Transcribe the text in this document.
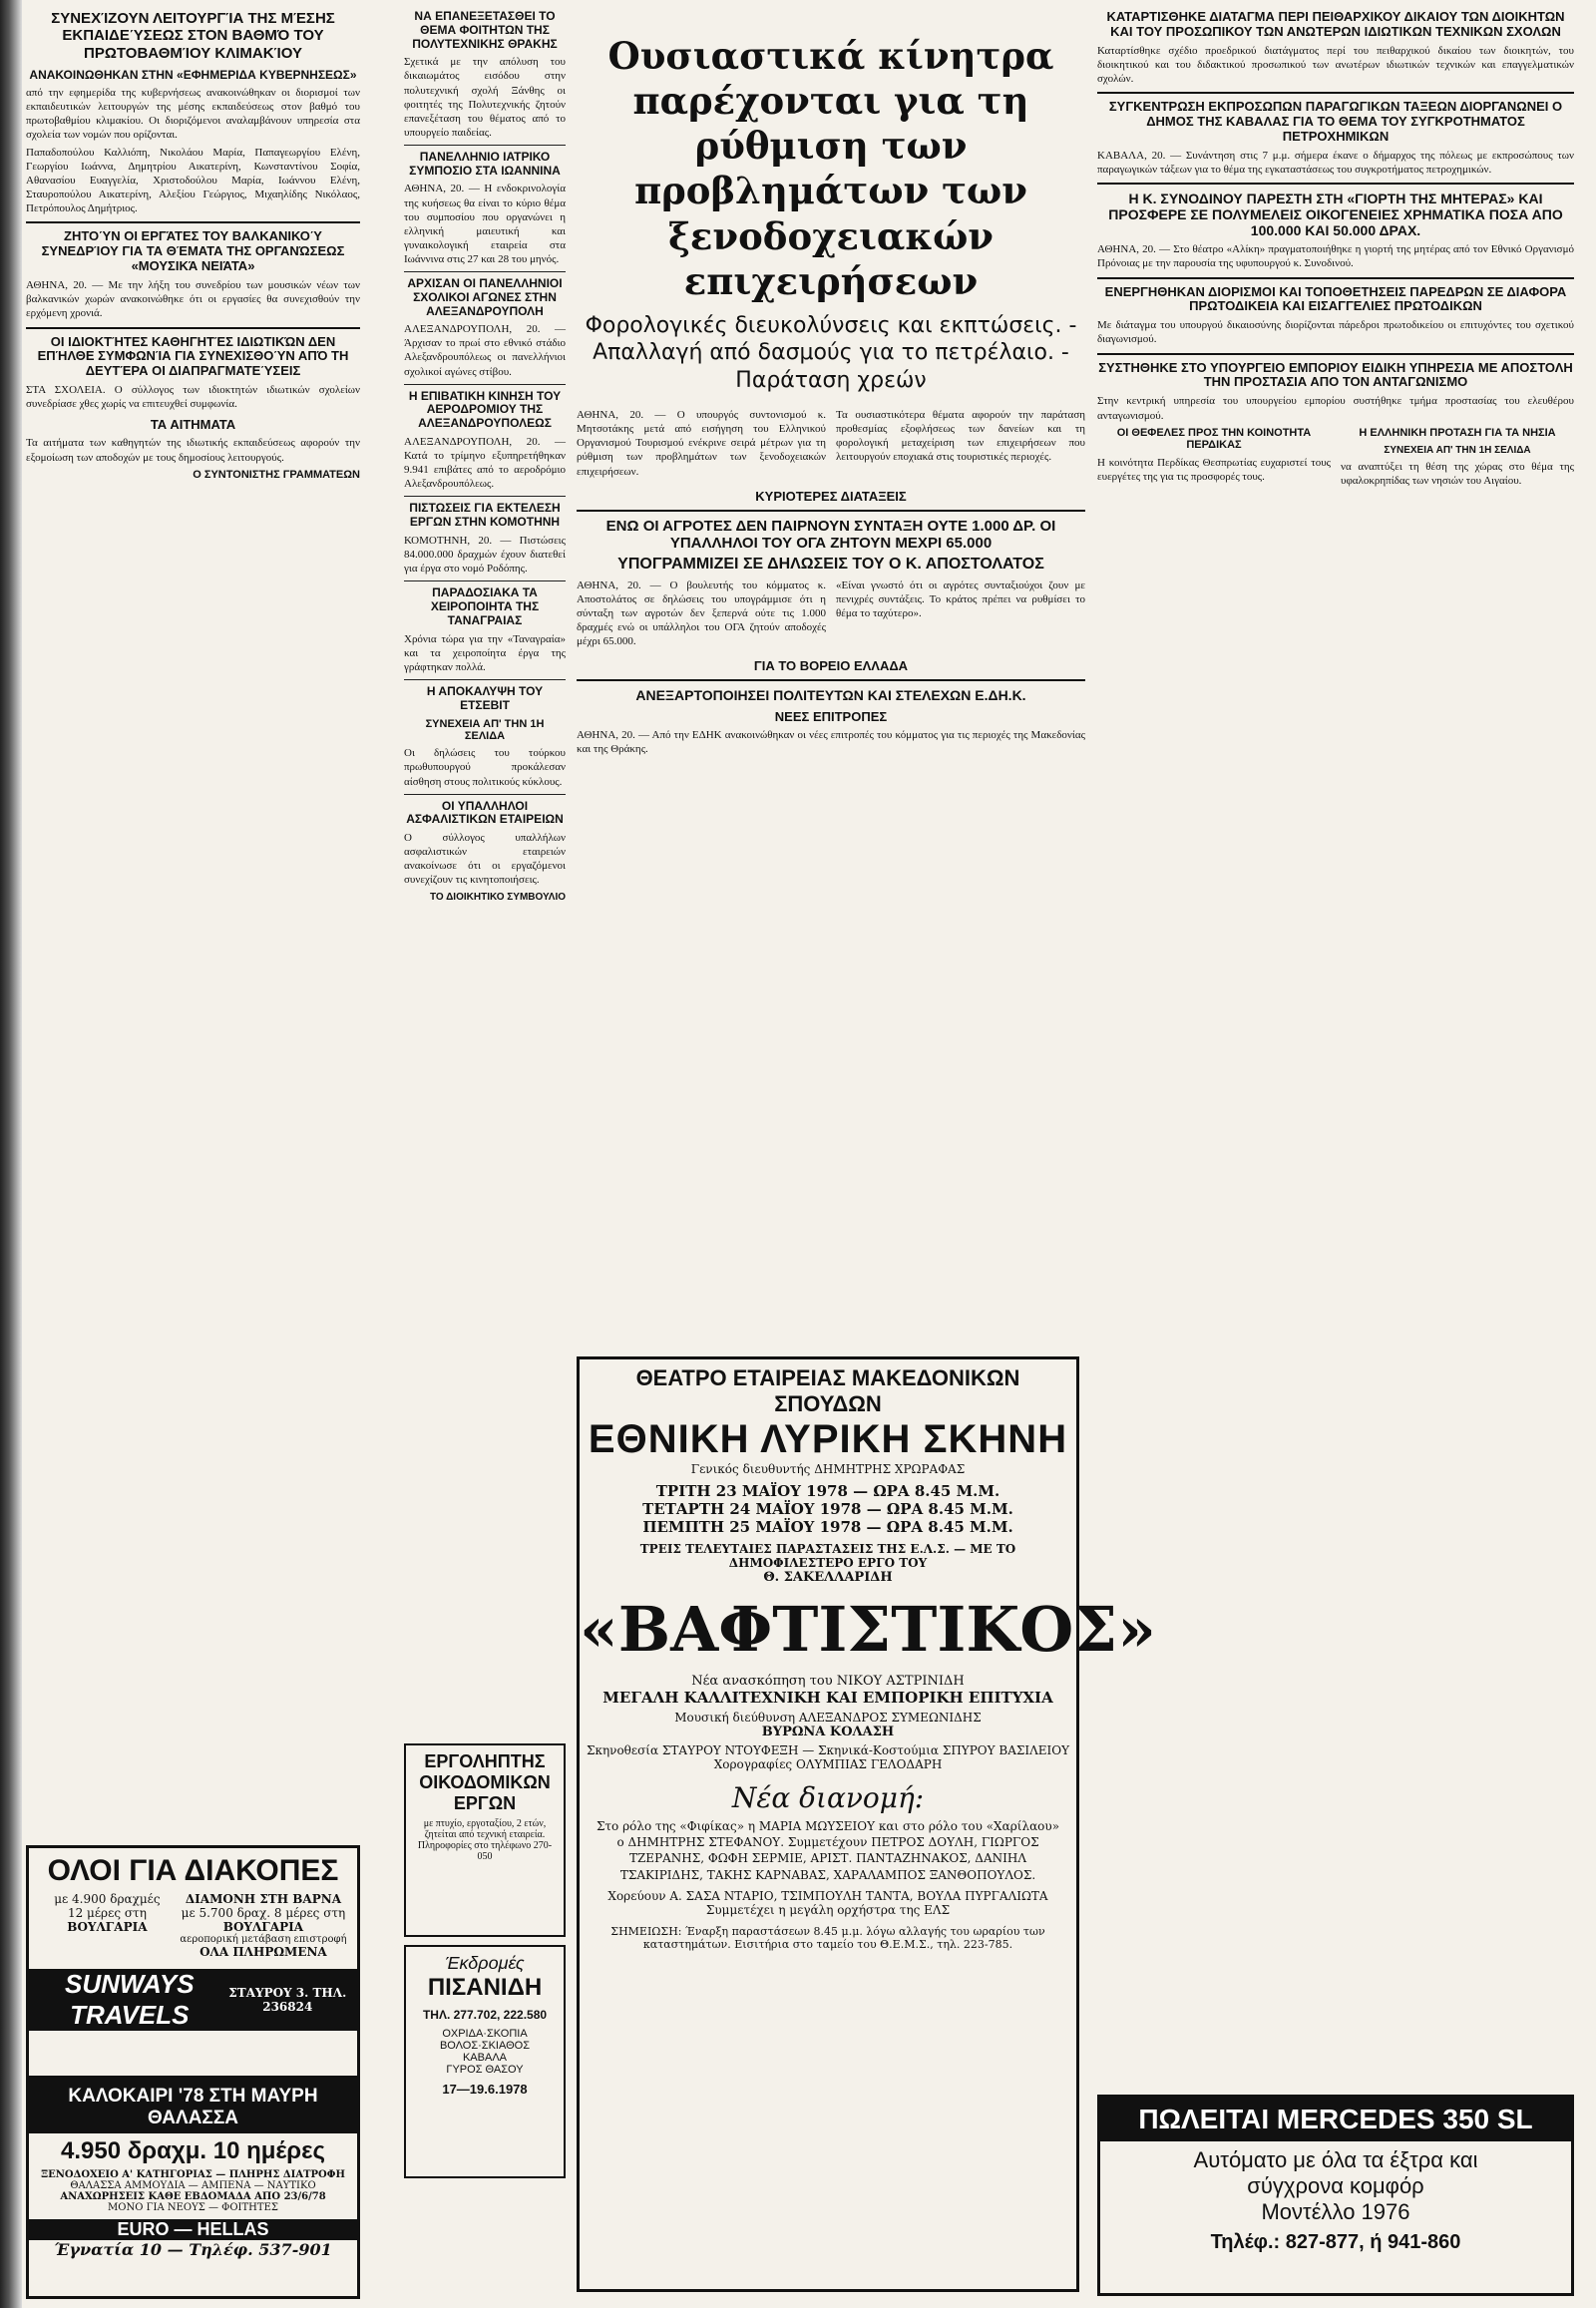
ΣΥΝΕΧΊΖΟΥΝ ΛΕΙΤΟΥΡΓΊΑ ΤΗΣ ΜΈΣΗΣ ΕΚΠΑΙΔΕΎΣΕΩΣ ΣΤΟΝ ΒΑΘΜΌ ΤΟΥ ΠΡΩΤΟΒΑΘΜΊΟΥ ΚΛΙΜΑΚΊΟΥ
ΑΝΑΚΟΙΝΩΘΗΚΑΝ ΣΤΗΝ «ΕΦΗΜΕΡΙΔΑ ΚΥΒΕΡΝΗΣΕΩΣ»

από την εφημερίδα της κυβερνήσεως ανακοινώθηκαν οι διορισμοί των εκπαιδευτικών λειτουργών της μέσης εκπαιδεύσεως στον βαθμό του πρωτοβαθμίου κλιμακίου. Οι διοριζόμενοι αναλαμβάνουν υπηρεσία στα σχολεία των νομών που ορίζονται.

Παπαδοπούλου Καλλιόπη, Νικολάου Μαρία, Παπαγεωργίου Ελένη, Γεωργίου Ιωάννα, Δημητρίου Αικατερίνη, Κωνσταντίνου Σοφία, Αθανασίου Ευαγγελία, Χριστοδούλου Μαρία, Ιωάννου Ελένη, Σταυροπούλου Αικατερίνη, Αλεξίου Γεώργιος, Μιχαηλίδης Νικόλαος, Πετρόπουλος Δημήτριος.

ΖΗΤΟΎΝ ΟΙ ΕΡΓΆΤΕΣ ΤΟΥ ΒΑΛΚΑΝΙΚΟΎ ΣΥΝΕΔΡΊΟΥ ΓΙΑ ΤΑ ΘΈΜΑΤΑ ΤΗΣ ΟΡΓΑΝΏΣΕΩΣ «ΜΟΥΣΙΚΆ ΝΕΙΆΤΑ»

ΑΘΗΝΑ, 20. — Με την λήξη του συνεδρίου των μουσικών νέων των βαλκανικών χωρών ανακοινώθηκε ότι οι εργασίες θα συνεχισθούν την ερχόμενη χρονιά.

ΟΙ ΙΔΙΟΚΤΉΤΕΣ ΚΑΘΗΓΗΤΈΣ ΙΔΙΩΤΙΚΏΝ ΔΕΝ ΕΠΉΛΘΕ ΣΥΜΦΩΝΊΑ ΓΙΑ ΣΥΝΕΧΙΣΘΟΎΝ ΑΠΌ ΤΗ ΔΕΥΤΈΡΑ ΟΙ ΔΙΑΠΡΑΓΜΑΤΕΎΣΕΙΣ

ΣΤΑ ΣΧΟΛΕΙΑ. Ο σύλλογος των ιδιοκτητών ιδιωτικών σχολείων συνεδρίασε χθες χωρίς να επιτευχθεί συμφωνία.

ΤΑ ΑΙΤΗΜΑΤΑ

Τα αιτήματα των καθηγητών της ιδιωτικής εκπαιδεύσεως αφορούν την εξομοίωση των αποδοχών με τους δημοσίους λειτουργούς.

Ο ΣΥΝΤΟΝΙΣΤΗΣ ΓΡΑΜΜΑΤΕΩΝ
ΟΛΟΙ ΓΙΑ ΔΙΑΚΟΠΕΣ
με 4.900 δραχμές
12 μέρες στη
ΒΟΥΛΓΑΡΙΑ
ΔΙΑΜΟΝΗ ΣΤΗ ΒΑΡΝΑ
με 5.700 δραχ. 8 μέρες στη
ΒΟΥΛΓΑΡΙΑ
αεροπορική μετάβαση επιστροφή
ΟΛΑ ΠΛΗΡΩΜΕΝΑ
SUNWAYS TRAVELS
ΣΤΑΥΡΟΥ 3. ΤΗΛ. 236824
ΚΑΛΟΚΑΙΡΙ '78 ΣΤΗ ΜΑΥΡΗ ΘΑΛΑΣΣΑ
4.950 δραχμ. 10 ημέρες
ΞΕΝΟΔΟΧΕΙΟ Α' ΚΑΤΗΓΟΡΙΑΣ — ΠΛΗΡΗΣ ΔΙΑΤΡΟΦΗ
ΘΑΛΑΣΣΑ ΑΜΜΟΥΔΙΑ — ΑΜΠΕΝΑ — ΝΑΥΤΙΚΟ
ΑΝΑΧΩΡΗΣΕΙΣ ΚΑΘΕ ΕΒΔΟΜΑΔΑ ΑΠΟ 23/6/78
ΜΟΝΟ ΓΙΑ ΝΕΟΥΣ — ΦΟΙΤΗΤΕΣ
EURO — HELLAS
Έγνατία 10 — Τηλέφ. 537-901
ΝΑ ΕΠΑΝΕΞΕΤΑΣΘΕΙ ΤΟ ΘΕΜΑ ΦΟΙΤΗΤΩΝ ΤΗΣ ΠΟΛΥΤΕΧΝΙΚΗΣ ΘΡΑΚΗΣ

Σχετικά με την απόλυση του δικαιωμάτος εισόδου στην πολυτεχνική σχολή Ξάνθης οι φοιτητές της Πολυτεχνικής ζητούν επανεξέταση του θέματος από το υπουργείο παιδείας.

ΠΑΝΕΛΛΗΝΙΟ ΙΑΤΡΙΚΟ ΣΥΜΠΟΣΙΟ ΣΤΑ ΙΩΑΝΝΙΝΑ

ΑΘΗΝΑ, 20. — Η ενδοκρινολογία της κυήσεως θα είναι το κύριο θέμα του συμποσίου που οργανώνει η ελληνική μαιευτική και γυναικολογική εταιρεία στα Ιωάννινα στις 27 και 28 του μηνός.

ΑΡΧΙΣΑΝ ΟΙ ΠΑΝΕΛΛΗΝΙΟΙ ΣΧΟΛΙΚΟΙ ΑΓΩΝΕΣ ΣΤΗΝ ΑΛΕΞΑΝΔΡΟΥΠΟΛΗ

ΑΛΕΞΑΝΔΡΟΥΠΟΛΗ, 20. — Άρχισαν το πρωί στο εθνικό στάδιο Αλεξανδρουπόλεως οι πανελλήνιοι σχολικοί αγώνες στίβου.

Η ΕΠΙΒΑΤΙΚΗ ΚΙΝΗΣΗ ΤΟΥ ΑΕΡΟΔΡΟΜΙΟΥ ΤΗΣ ΑΛΕΞΑΝΔΡΟΥΠΟΛΕΩΣ

ΑΛΕΞΑΝΔΡΟΥΠΟΛΗ, 20. — Κατά το τρίμηνο εξυπηρετήθηκαν 9.941 επιβάτες από το αεροδρόμιο Αλεξανδρουπόλεως.

ΠΙΣΤΩΣΕΙΣ ΓΙΑ ΕΚΤΕΛΕΣΗ ΕΡΓΩΝ ΣΤΗΝ ΚΟΜΟΤΗΝΗ

ΚΟΜΟΤΗΝΗ, 20. — Πιστώσεις 84.000.000 δραχμών έχουν διατεθεί για έργα στο νομό Ροδόπης.

ΠΑΡΑΔΟΣΙΑΚΑ ΤΑ ΧΕΙΡΟΠΟΙΗΤΑ ΤΗΣ ΤΑΝΑΓΡΑΙΑΣ

Χρόνια τώρα για την «Ταναγραία» και τα χειροποίητα έργα της γράφτηκαν πολλά.

Η ΑΠΟΚΑΛΥΨΗ ΤΟΥ ΕΤΣΕΒΙΤ
ΣΥΝΕΧΕΙΑ ΑΠ' ΤΗΝ 1Η ΣΕΛΙΔΑ

Οι δηλώσεις του τούρκου πρωθυπουργού προκάλεσαν αίσθηση στους πολιτικούς κύκλους.

ΟΙ ΥΠΑΛΛΗΛΟΙ ΑΣΦΑΛΙΣΤΙΚΩΝ ΕΤΑΙΡΕΙΩΝ

Ο σύλλογος υπαλλήλων ασφαλιστικών εταιρειών ανακοίνωσε ότι οι εργαζόμενοι συνεχίζουν τις κινητοποιήσεις.

ΤΟ ΔΙΟΙΚΗΤΙΚΟ ΣΥΜΒΟΥΛΙΟ
ΕΡΓΟΛΗΠΤΗΣ ΟΙΚΟΔΟΜΙΚΩΝ ΕΡΓΩΝ
με πτυχίο, εργοταξίου, 2 ετών, ζητείται από τεχνική εταιρεία. Πληροφορίες στο τηλέφωνο 270-050
Έκδρομές
ΠΙΣΑΝΙΔΗ
ΤΗΛ. 277.702, 222.580
ΟΧΡΙΔΑ·ΣΚΟΠΙΑ
ΒΟΛΟΣ·ΣΚΙΑΘΟΣ
ΚΑΒΑΛΑ
ΓΥΡΟΣ ΘΑΣΟΥ
17—19.6.1978
Ουσιαστικά κίνητρα παρέχονται για τη ρύθμιση των προβλημάτων των ξενοδοχειακών επιχειρήσεων
Φορολογικές διευκολύνσεις και εκπτώσεις. - Απαλλαγή από δασμούς για το πετρέλαιο. - Παράταση χρεών

ΑΘΗΝΑ, 20. — Ο υπουργός συντονισμού κ. Μητσοτάκης μετά από εισήγηση του Ελληνικού Οργανισμού Τουρισμού ενέκρινε σειρά μέτρων για τη ρύθμιση των προβλημάτων των ξενοδοχειακών επιχειρήσεων.

Τα ουσιαστικότερα θέματα αφορούν την παράταση προθεσμίας εξοφλήσεως των δανείων και τη φορολογική μεταχείριση των επιχειρήσεων που λειτουργούν εποχιακά στις τουριστικές περιοχές.

ΚΥΡΙΟΤΕΡΕΣ ΔΙΑΤΑΞΕΙΣ
ΕΝΩ ΟΙ ΑΓΡΟΤΕΣ ΔΕΝ ΠΑΙΡΝΟΥΝ ΣΥΝΤΑΞΗ ΟΥΤΕ 1.000 ΔΡ. ΟΙ ΥΠΑΛΛΗΛΟΙ ΤΟΥ ΟΓΑ ΖΗΤΟΥΝ ΜΕΧΡΙ 65.000
ΥΠΟΓΡΑΜΜΙΖΕΙ ΣΕ ΔΗΛΩΣΕΙΣ ΤΟΥ Ο Κ. ΑΠΟΣΤΟΛΑΤΟΣ

ΑΘΗΝΑ, 20. — Ο βουλευτής του κόμματος κ. Αποστολάτος σε δηλώσεις του υπογράμμισε ότι η σύνταξη των αγροτών δεν ξεπερνά ούτε τις 1.000 δραχμές ενώ οι υπάλληλοι του ΟΓΑ ζητούν αποδοχές μέχρι 65.000.

«Είναι γνωστό ότι οι αγρότες συνταξιούχοι ζουν με πενιχρές συντάξεις. Το κράτος πρέπει να ρυθμίσει το θέμα το ταχύτερο».

ΓΙΑ ΤΟ ΒΟΡΕΙΟ ΕΛΛΑΔΑ
ΑΝΕΞΑΡΤΟΠΟΙΗΣΕΙ ΠΟΛΙΤΕΥΤΩΝ ΚΑΙ ΣΤΕΛΕΧΩΝ Ε.ΔΗ.Κ.
ΝΕΕΣ ΕΠΙΤΡΟΠΕΣ

ΑΘΗΝΑ, 20. — Από την ΕΔΗΚ ανακοινώθηκαν οι νέες επιτροπές του κόμματος για τις περιοχές της Μακεδονίας και της Θράκης.

ΘΕΑΤΡΟ ΕΤΑΙΡΕΙΑΣ ΜΑΚΕΔΟΝΙΚΩΝ ΣΠΟΥΔΩΝ
ΕΘΝΙΚΗ ΛΥΡΙΚΗ ΣΚΗΝΗ
Γενικός διευθυντής ΔΗΜΗΤΡΗΣ ΧΡΩΡΑΦΑΣ
ΤΡΙΤΗ 23 ΜΑΪΟΥ 1978 — ΩΡΑ 8.45 Μ.Μ.
ΤΕΤΑΡΤΗ 24 ΜΑΪΟΥ 1978 — ΩΡΑ 8.45 Μ.Μ.
ΠΕΜΠΤΗ 25 ΜΑΪΟΥ 1978 — ΩΡΑ 8.45 Μ.Μ.
ΤΡΕΙΣ ΤΕΛΕΥΤΑΙΕΣ ΠΑΡΑΣΤΑΣΕΙΣ ΤΗΣ Ε.Λ.Σ. — ΜΕ ΤΟ ΔΗΜΟΦΙΛΕΣΤΕΡΟ ΕΡΓΟ ΤΟΥ
Θ. ΣΑΚΕΛΛΑΡΙΔΗ
«ΒΑΦΤΙΣΤΙΚΟΣ»
Νέα ανασκόπηση του ΝΙΚΟΥ ΑΣΤΡΙΝΙΔΗ
ΜΕΓΑΛΗ ΚΑΛΛΙΤΕΧΝΙΚΗ ΚΑΙ ΕΜΠΟΡΙΚΗ ΕΠΙΤΥΧΙΑ
Μουσική διεύθυνση ΑΛΕΞΑΝΔΡΟΣ ΣΥΜΕΩΝΙΔΗΣ
ΒΥΡΩΝΑ ΚΟΛΑΣΗ
Σκηνοθεσία ΣΤΑΥΡΟΥ ΝΤΟΥΦΕΞΗ — Σκηνικά-Κοστούμια ΣΠΥΡΟΥ ΒΑΣΙΛΕΙΟΥ
Χορογραφίες ΟΛΥΜΠΙΑΣ ΓΕΛΟΔΑΡΗ
Νέα διανομή:
Στο ρόλο της «Φιφίκας» η ΜΑΡΙΑ ΜΩΥΣΕΙΟΥ και στο ρόλο του «Χαρίλαου» ο ΔΗΜΗΤΡΗΣ ΣΤΕΦΑΝΟΥ. Συμμετέχουν ΠΕΤΡΟΣ ΔΟΥΛΗ, ΓΙΩΡΓΟΣ ΤΖΕΡΑΝΗΣ, ΦΩΦΗ ΣΕΡΜΙΕ, ΑΡΙΣΤ. ΠΑΝΤΑΖΗΝΑΚΟΣ, ΔΑΝΙΗΛ ΤΣΑΚΙΡΙΔΗΣ, ΤΑΚΗΣ ΚΑΡΝΑΒΑΣ, ΧΑΡΑΛΑΜΠΟΣ ΞΑΝΘΟΠΟΥΛΟΣ.
Χορεύουν Α. ΣΑΣΑ ΝΤΑΡΙΟ, ΤΣΙΜΠΟΥΛΗ ΤΑΝΤΑ, ΒΟΥΛΑ ΠΥΡΓΑΛΙΩΤΑ
Συμμετέχει η μεγάλη ορχήστρα της ΕΛΣ
ΣΗΜΕΙΩΣΗ: Έναρξη παραστάσεων 8.45 μ.μ. λόγω αλλαγής του ωραρίου των καταστημάτων. Εισιτήρια στο ταμείο του Θ.Ε.Μ.Σ., τηλ. 223-785.
ΚΑΤΑΡΤΙΣΘΗΚΕ ΔΙΑΤΑΓΜΑ ΠΕΡΙ ΠΕΙΘΑΡΧΙΚΟΥ ΔΙΚΑΙΟΥ ΤΩΝ ΔΙΟΙΚΗΤΩΝ ΚΑΙ ΤΟΥ ΠΡΟΣΩΠΙΚΟΥ ΤΩΝ ΑΝΩΤΕΡΩΝ ΙΔΙΩΤΙΚΩΝ ΤΕΧΝΙΚΩΝ ΣΧΟΛΩΝ

Καταρτίσθηκε σχέδιο προεδρικού διατάγματος περί του πειθαρχικού δικαίου των διοικητών, του διοικητικού και του διδακτικού προσωπικού των ανωτέρων ιδιωτικών τεχνικών και επαγγελματικών σχολών.

ΣΥΓΚΕΝΤΡΩΣΗ ΕΚΠΡΟΣΩΠΩΝ ΠΑΡΑΓΩΓΙΚΩΝ ΤΑΞΕΩΝ ΔΙΟΡΓΑΝΩΝΕΙ Ο ΔΗΜΟΣ ΤΗΣ ΚΑΒΑΛΑΣ ΓΙΑ ΤΟ ΘΕΜΑ ΤΟΥ ΣΥΓΚΡΟΤΗΜΑΤΟΣ ΠΕΤΡΟΧΗΜΙΚΩΝ

ΚΑΒΑΛΑ, 20. — Συνάντηση στις 7 μ.μ. σήμερα έκανε ο δήμαρχος της πόλεως με εκπροσώπους των παραγωγικών τάξεων για το θέμα της εγκαταστάσεως του συγκροτήματος πετροχημικών.

Η Κ. ΣΥΝΟΔΙΝΟΥ ΠΑΡΕΣΤΗ ΣΤΗ «ΓΙΟΡΤΗ ΤΗΣ ΜΗΤΕΡΑΣ» ΚΑΙ ΠΡΟΣΦΕΡΕ ΣΕ ΠΟΛΥΜΕΛΕΙΣ ΟΙΚΟΓΕΝΕΙΕΣ ΧΡΗΜΑΤΙΚΑ ΠΟΣΑ ΑΠΟ 100.000 ΚΑΙ 50.000 ΔΡΑΧ.

ΑΘΗΝΑ, 20. — Στο θέατρο «Αλίκη» πραγματοποιήθηκε η γιορτή της μητέρας από τον Εθνικό Οργανισμό Πρόνοιας με την παρουσία της υφυπουργού κ. Συνοδινού.

ΕΝΕΡΓΗΘΗΚΑΝ ΔΙΟΡΙΣΜΟΙ ΚΑΙ ΤΟΠΟΘΕΤΗΣΕΙΣ ΠΑΡΕΔΡΩΝ ΣΕ ΔΙΑΦΟΡΑ ΠΡΩΤΟΔΙΚΕΙΑ ΚΑΙ ΕΙΣΑΓΓΕΛΙΕΣ ΠΡΩΤΟΔΙΚΩΝ

Με διάταγμα του υπουργού δικαιοσύνης διορίζονται πάρεδροι πρωτοδικείου οι επιτυχόντες του σχετικού διαγωνισμού.

ΣΥΣΤΗΘΗΚΕ ΣΤΟ ΥΠΟΥΡΓΕΙΟ ΕΜΠΟΡΙΟΥ ΕΙΔΙΚΗ ΥΠΗΡΕΣΙΑ ΜΕ ΑΠΟΣΤΟΛΗ ΤΗΝ ΠΡΟΣΤΑΣΙΑ ΑΠΟ ΤΟΝ ΑΝΤΑΓΩΝΙΣΜΟ

Στην κεντρική υπηρεσία του υπουργείου εμπορίου συστήθηκε τμήμα προστασίας του ελευθέρου ανταγωνισμού.

ΟΙ ΘΕΦΕΛΕΣ ΠΡΟΣ ΤΗΝ ΚΟΙΝΟΤΗΤΑ ΠΕΡΔΙΚΑΣ

Η κοινότητα Περδίκας Θεσπρωτίας ευχαριστεί τους ευεργέτες της για τις προσφορές τους.

Η ΕΛΛΗΝΙΚΗ ΠΡΟΤΑΣΗ ΓΙΑ ΤΑ ΝΗΣΙΑ
ΣΥΝΕΧΕΙΑ ΑΠ' ΤΗΝ 1Η ΣΕΛΙΔΑ

να αναπτύξει τη θέση της χώρας στο θέμα της υφαλοκρηπίδας των νησιών του Αιγαίου.

ΠΩΛΕΙΤΑΙ MERCEDES 350 SL
Αυτόματο με όλα τα έξτρα και
σύγχρονα κομφόρ
Μοντέλλο 1976
Τηλέφ.: 827-877, ή 941-860
